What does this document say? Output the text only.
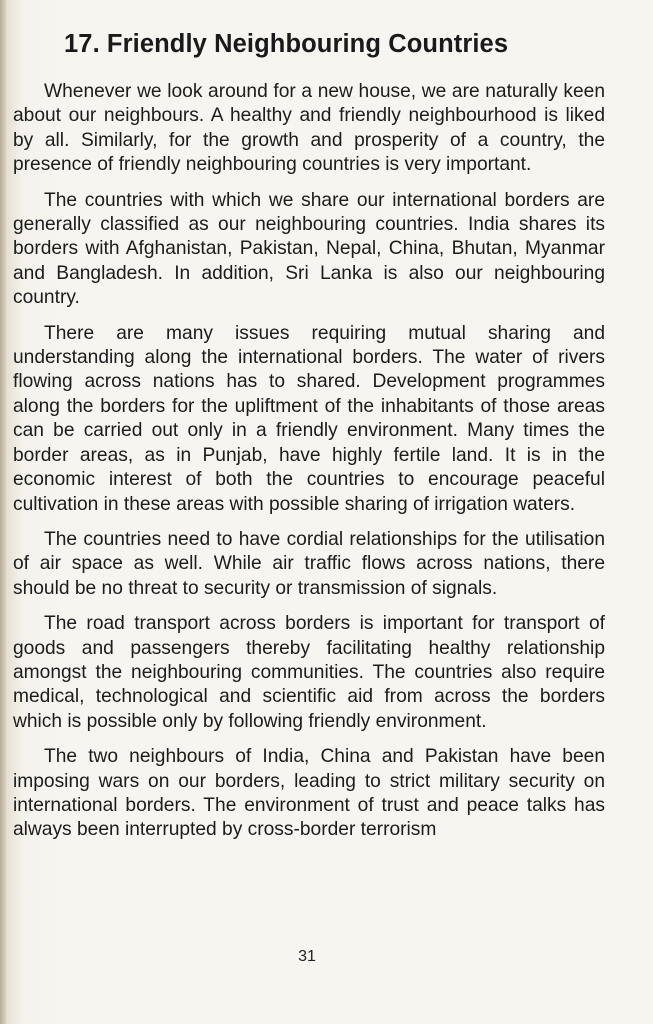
17. Friendly Neighbouring Countries

Whenever we look around for a new house, we are naturally keen about our neighbours. A healthy and friendly neighbourhood is liked by all. Similarly, for the growth and prosperity of a country, the presence of friendly neighbouring countries is very important.

The countries with which we share our international borders are generally classified as our neighbouring countries. India shares its borders with Afghanistan, Pakistan, Nepal, China, Bhutan, Myanmar and Bangladesh. In addition, Sri Lanka is also our neighbouring country.

There are many issues requiring mutual sharing and understanding along the international borders. The water of rivers flowing across nations has to shared. Development programmes along the borders for the upliftment of the inhabitants of those areas can be carried out only in a friendly environment. Many times the border areas, as in Punjab, have highly fertile land. It is in the economic interest of both the countries to encourage peaceful cultivation in these areas with possible sharing of irrigation waters.

The countries need to have cordial relationships for the utilisation of air space as well. While air traffic flows across nations, there should be no threat to security or transmission of signals.

The road transport across borders is important for transport of goods and passengers thereby facilitating healthy relationship amongst the neighbouring communities. The countries also require medical, technological and scientific aid from across the borders which is possible only by following friendly environment.

The two neighbours of India, China and Pakistan have been imposing wars on our borders, leading to strict military security on international borders. The environment of trust and peace talks has always been interrupted by cross-border terrorism

31
